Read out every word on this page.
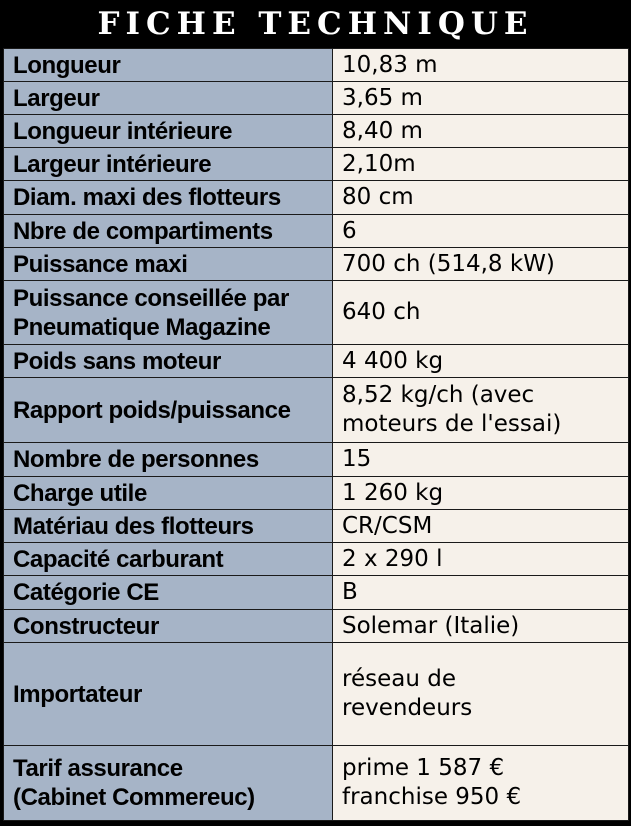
FICHE TECHNIQUE
Longueur	10,83 m

Largeur	3,65 m

Longueur intérieure	8,40 m

Largeur intérieure	2,10m

Diam. maxi des flotteurs	80 cm

Nbre de compartiments	6

Puissance maxi	700 ch (514,8 kW)

Puissance conseillée par
Pneumatique Magazine	640 ch

Poids sans moteur	4 400 kg

Rapport poids/puissance	8,52 kg/ch (avec
moteurs de l'essai)

Nombre de personnes	15

Charge utile	1 260 kg

Matériau des flotteurs	CR/CSM

Capacité carburant	2 x 290 l

Catégorie CE	B

Constructeur	Solemar (Italie)

Importateur	réseau de
revendeurs

Tarif assurance
(Cabinet Commereuc)	prime 1 587 €
franchise 950 €
